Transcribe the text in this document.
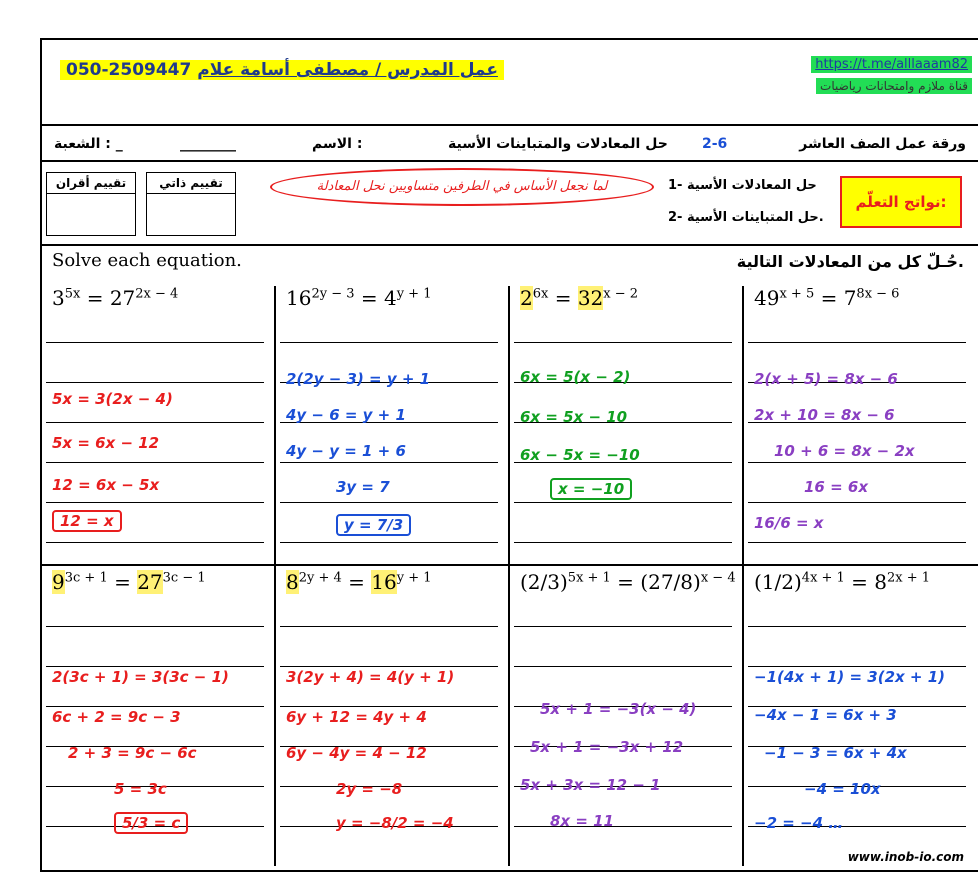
050-2509447 عمل المدرس / مصطفى أسامة علام	https://t.me/alllaaam82
قناة ملازم وامتحانات رياضيات
الشعبة : _	________	الاسم :	حل المعادلات والمتباينات الأسية 2-6	ورقة عمل الصف العاشر
تقييم أقران	تقييم ذاتي	لما نجعل الأساس في الطرفين متساويين نحل المعادلة	1- حل المعادلات الأسية
2- حل المتباينات الأسية.
نواتج التعلّم:
Solve each equation.	حُـلّ كل من المعادلات التالية.
$3^{5x} = 27^{2x - 4}$
5x = 3(2x − 4)
5x = 6x − 12
12 = 6x − 5x
12 = x
$16^{2y - 3} = 4^{y + 1}$
2(2y − 3) = y + 1
4y − 6 = y + 1
4y − y = 1 + 6
3y = 7
y = 7/3
$2^{6x} = 32^{x - 2}$
6x = 5(x − 2)
6x = 5x − 10
6x − 5x = −10
x = −10
$49^{x + 5} = 7^{8x - 6}$
2(x + 5) = 8x − 6
2x + 10 = 8x − 6
10 + 6 = 8x − 2x
16 = 6x
16/6 = x
$9^{3c + 1} = 27^{3c - 1}$
2(3c + 1) = 3(3c − 1)
6c + 2 = 9c − 3
2 + 3 = 9c − 6c
5 = 3c
5/3 = c
$8^{2y + 4} = 16^{y + 1}$
3(2y + 4) = 4(y + 1)
6y + 12 = 4y + 4
6y − 4y = 4 − 12
2y = −8
y = −8/2 = −4
$(2/3)^{5x + 1} = (27/8)^{x - 4}$
5x + 1 = −3(x − 4)
5x + 1 = −3x + 12
5x + 3x = 12 − 1
8x = 11
$(1/2)^{4x + 1} = 8^{2x + 1}$
−1(4x + 1) = 3(2x + 1)
−4x − 1 = 6x + 3
−1 − 3 = 6x + 4x
−4 = 10x
−2 = −4 …
www.inob-io.com
